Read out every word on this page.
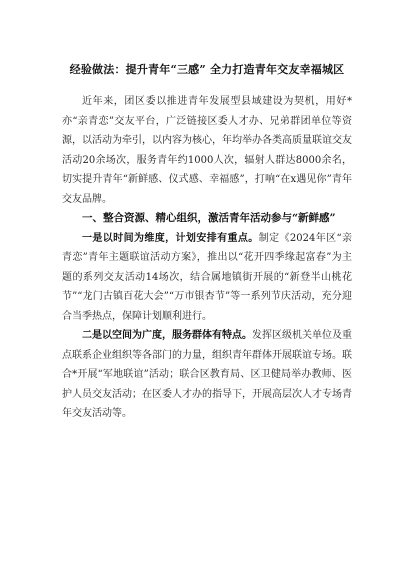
经验做法：提升青年“三感” 全力打造青年交友幸福城区

近年来，团区委以推进青年发展型县域建设为契机，用好*亦“亲青恋”交友平台，广泛链接区委人才办、兄弟群团单位等资源，以活动为牵引，以内容为核心，年均举办各类高质量联谊交友活动20余场次，服务青年约1000人次，辐射人群达8000余名，切实提升青年“新鲜感、仪式感、幸福感”，打响“在x遇见你”青年交友品牌。

一、整合资源、精心组织，激活青年活动参与“新鲜感”

一是以时间为维度，计划安排有重点。制定《2024年区“亲青恋”青年主题联谊活动方案》，推出以“花开四季缘起富春”为主题的系列交友活动14场次，结合属地镇街开展的“新登半山桃花节”“龙门古镇百花大会”“万市银杏节”等一系列节庆活动，充分迎合当季热点，保障计划顺利进行。

二是以空间为广度，服务群体有特点。发挥区级机关单位及重点联系企业组织等各部门的力量，组织青年群体开展联谊专场。联合*开展“军地联谊”活动；联合区教育局、区卫健局举办教师、医护人员交友活动；在区委人才办的指导下，开展高层次人才专场青年交友活动等。
